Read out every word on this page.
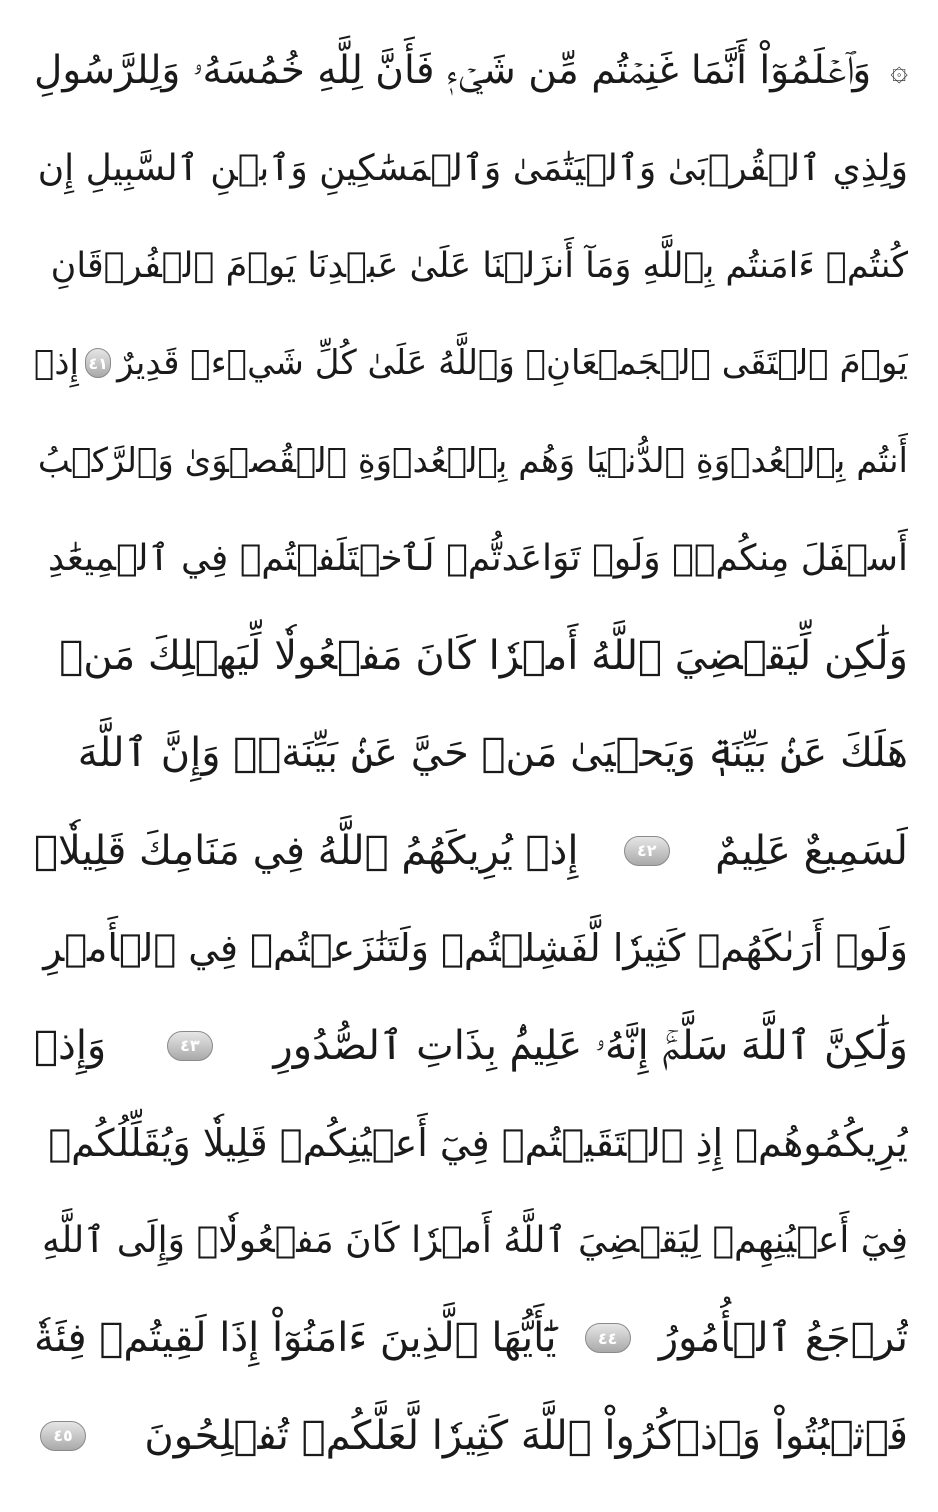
۞
وَٱعۡلَمُوٓاْ أَنَّمَا غَنِمۡتُم مِّن شَيۡءٖ فَأَنَّ لِلَّهِ خُمُسَهُۥ وَلِلرَّسُولِ
وَلِذِي ٱلۡقُرۡبَىٰ وَٱلۡيَتَٰمَىٰ وَٱلۡمَسَٰكِينِ وَٱبۡنِ ٱلسَّبِيلِ إِن
كُنتُمۡ ءَامَنتُم بِٱللَّهِ وَمَآ أَنزَلۡنَا عَلَىٰ عَبۡدِنَا يَوۡمَ ٱلۡفُرۡقَانِ
يَوۡمَ ٱلۡتَقَى ٱلۡجَمۡعَانِۗ وَٱللَّهُ عَلَىٰ كُلِّ شَيۡءٖ قَدِيرٌ
٤١
إِذۡ
أَنتُم بِٱلۡعُدۡوَةِ ٱلدُّنۡيَا وَهُم بِٱلۡعُدۡوَةِ ٱلۡقُصۡوَىٰ وَٱلرَّكۡبُ
أَسۡفَلَ مِنكُمۡۚ وَلَوۡ تَوَاعَدتُّمۡ لَٱخۡتَلَفۡتُمۡ فِي ٱلۡمِيعَٰدِ
وَلَٰكِن لِّيَقۡضِيَ ٱللَّهُ أَمۡرٗا كَانَ مَفۡعُولٗا لِّيَهۡلِكَ مَنۡ
هَلَكَ عَنۢ بَيِّنَةٖ وَيَحۡيَىٰ مَنۡ حَيَّ عَنۢ بَيِّنَةٖۗ وَإِنَّ ٱللَّهَ
لَسَمِيعٌ عَلِيمٌ
٤٢
إِذۡ يُرِيكَهُمُ ٱللَّهُ فِي مَنَامِكَ قَلِيلٗاۖ
وَلَوۡ أَرَىٰكَهُمۡ كَثِيرٗا لَّفَشِلۡتُمۡ وَلَتَنَٰزَعۡتُمۡ فِي ٱلۡأَمۡرِ
وَلَٰكِنَّ ٱللَّهَ سَلَّمَۚ إِنَّهُۥ عَلِيمُۢ بِذَاتِ ٱلصُّدُورِ
٤٣
وَإِذۡ
يُرِيكُمُوهُمۡ إِذِ ٱلۡتَقَيۡتُمۡ فِيٓ أَعۡيُنِكُمۡ قَلِيلٗا وَيُقَلِّلُكُمۡ
فِيٓ أَعۡيُنِهِمۡ لِيَقۡضِيَ ٱللَّهُ أَمۡرٗا كَانَ مَفۡعُولٗاۗ وَإِلَى ٱللَّهِ
تُرۡجَعُ ٱلۡأُمُورُ
٤٤
يَٰٓأَيُّهَا ٱلَّذِينَ ءَامَنُوٓاْ إِذَا لَقِيتُمۡ فِئَةٗ
فَٱثۡبُتُواْ وَٱذۡكُرُواْ ٱللَّهَ كَثِيرٗا لَّعَلَّكُمۡ تُفۡلِحُونَ
٤٥
